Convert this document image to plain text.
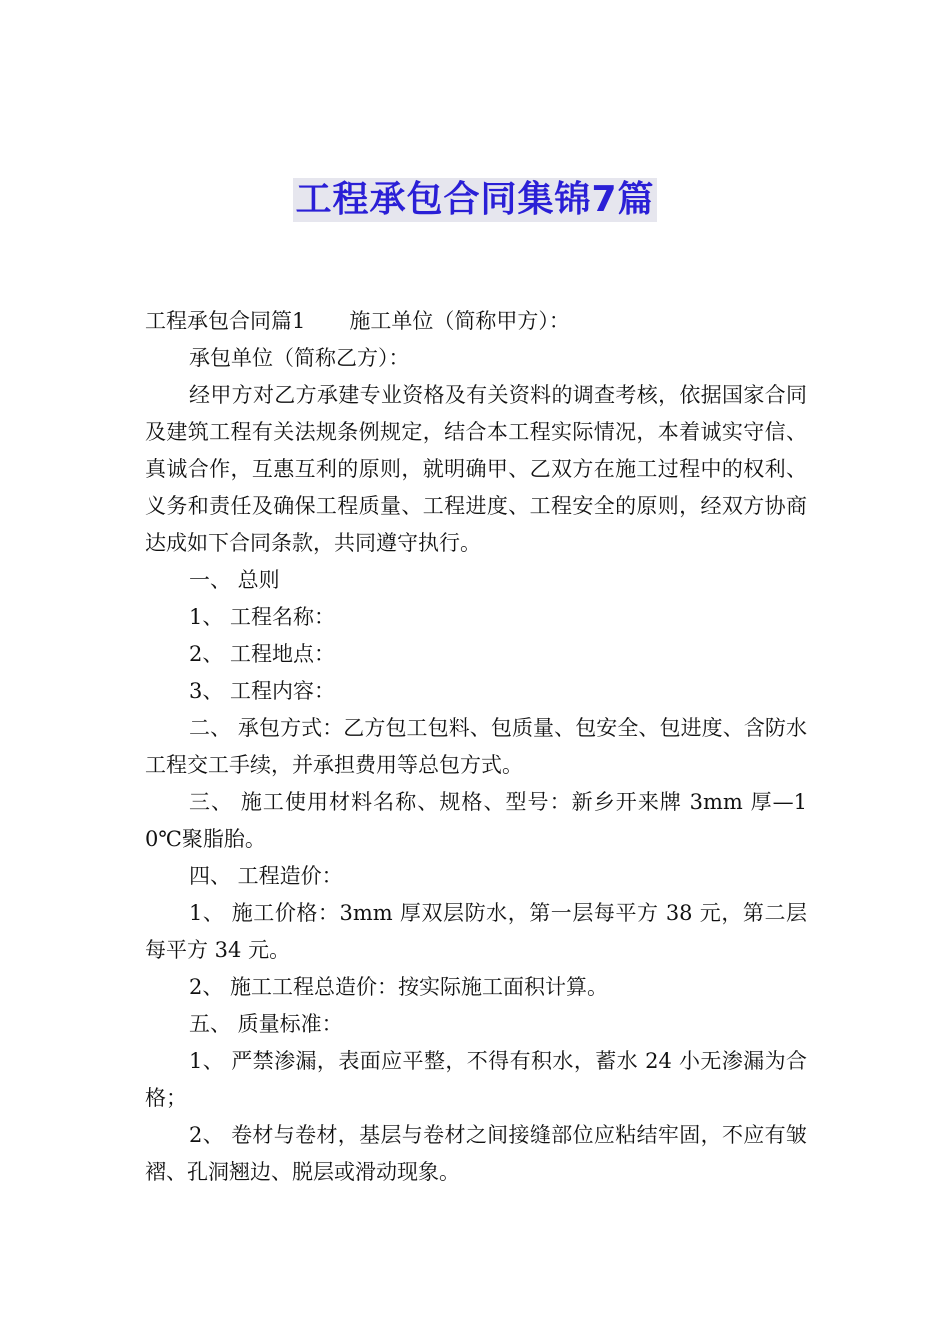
工程承包合同集锦7篇

工程承包合同篇1 施工单位（简称甲方）：

承包单位（简称乙方）：

经甲方对乙方承建专业资格及有关资料的调查考核，依据国家合同及建筑工程有关法规条例规定，结合本工程实际情况，本着诚实守信、真诚合作，互惠互利的原则，就明确甲、乙双方在施工过程中的权利、义务和责任及确保工程质量、工程进度、工程安全的原则，经双方协商达成如下合同条款，共同遵守执行。

一、 总则

1、 工程名称：

2、 工程地点：

3、 工程内容：

二、 承包方式：乙方包工包料、包质量、包安全、包进度、含防水工程交工手续，并承担费用等总包方式。

三、 施工使用材料名称、规格、型号：新乡开来牌 3mm 厚—10℃聚脂胎。

四、 工程造价：

1、 施工价格：3mm 厚双层防水，第一层每平方 38 元，第二层每平方 34 元。

2、 施工工程总造价：按实际施工面积计算。

五、 质量标准：

1、 严禁渗漏，表面应平整，不得有积水，蓄水 24 小无渗漏为合格；

2、 卷材与卷材，基层与卷材之间接缝部位应粘结牢固，不应有皱褶、孔洞翘边、脱层或滑动现象。
